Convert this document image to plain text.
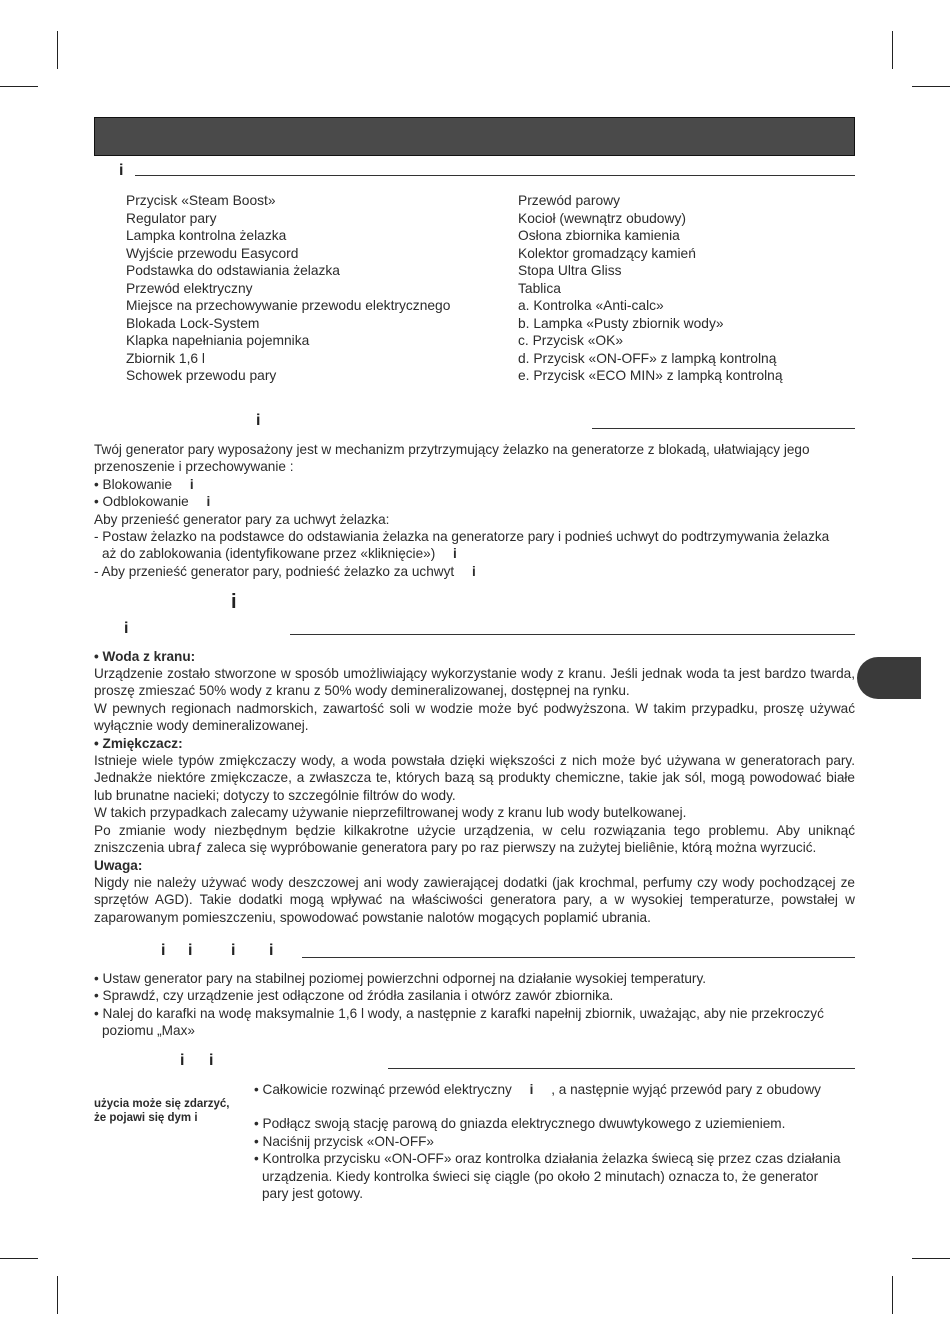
i
Przycisk «Steam Boost»
Regulator pary
Lampka kontrolna żelazka
Wyjście przewodu Easycord
Podstawka do odstawiania żelazka
Przewód elektryczny
Miejsce na przechowywanie przewodu elektrycznego
Blokada Lock-System
Klapka napełniania pojemnika
Zbiornik 1,6 l
Schowek przewodu pary
Przewód parowy
Kocioł (wewnątrz obudowy)
Osłona zbiornika kamienia
Kolektor gromadzący kamień
Stopa Ultra Gliss
Tablica
a. Kontrolka «Anti-calc»
b. Lampka «Pusty zbiornik wody»
c. Przycisk «OK»
d. Przycisk «ON-OFF» z lampką kontrolną
e. Przycisk «ECO MIN» z lampką kontrolną
i

Twój generator pary wyposażony jest w mechanizm przytrzymujący żelazko na generatorze z blokadą, ułatwiający jego przenoszenie i przechowywanie :

• Blokowanie i
• Odblokowanie i
Aby przenieść generator pary za uchwyt żelazka:
- Postaw żelazko na podstawce do odstawiania żelazka na generatorze pary i podnieś uchwyt do podtrzymywania żelazka
aż do zablokowania (identyfikowane przez «kliknięcie») i
- Aby przenieść generator pary, podnieść żelazko za uchwyt i
i
i
• Woda z kranu:

Urządzenie zostało stworzone w sposób umożliwiający wykorzystanie wody z kranu. Jeśli jednak woda ta jest bardzo twarda, proszę zmieszać 50% wody z kranu z 50% wody demineralizowanej, dostępnej na rynku.

W pewnych regionach nadmorskich, zawartość soli w wodzie może być podwyższona. W takim przypadku, proszę używać wyłącznie wody demineralizowanej.

• Zmiękczacz:

Istnieje wiele typów zmiękczaczy wody, a woda powstała dzięki większości z nich może być używana w generatorach pary. Jednakże niektóre zmiękczacze, a zwłaszcza te, których bazą są produkty chemiczne, takie jak sól, mogą powodować białe lub brunatne nacieki; dotyczy to szczególnie filtrów do wody.

W takich przypadkach zalecamy używanie nieprzefiltrowanej wody z kranu lub wody butelkowanej.

Po zmianie wody niezbędnym będzie kilkakrotne użycie urządzenia, w celu rozwiązania tego problemu. Aby uniknąć zniszczenia ubraƒ zaleca się wypróbowanie generatora pary po raz pierwszy na zużytej bieliênie, którą można wyrzucić.

Uwaga:

Nigdy nie należy używać wody deszczowej ani wody zawierającej dodatki (jak krochmal, perfumy czy wody pochodzącej ze sprzętów AGD). Takie dodatki mogą wpływać na właściwości generatora pary, a w wysokiej temperaturze, powstałej w zaparowanym pomieszczeniu, spowodować powstanie nalotów mogących poplamić ubrania.

i i i i
• Ustaw generator pary na stabilnej poziomej powierzchni odpornej na działanie wysokiej temperatury.
• Sprawdź, czy urządzenie jest odłączone od źródła zasilania i otwórz zawór zbiornika.
• Nalej do karafki na wodę maksymalnie 1,6 l wody, a następnie z karafki napełnij zbiornik, uważając, aby nie przekroczyć
poziomu „Max»
i i
użycia może się zdarzyć,
że pojawi się dym i
• Całkowicie rozwinąć przewód elektryczny i , a następnie wyjąć przewód pary z obudowy
• Podłącz swoją stację parową do gniazda elektrycznego dwuwtykowego z uziemieniem.
• Naciśnij przycisk «ON-OFF»
• Kontrolka przycisku «ON-OFF» oraz kontrolka działania żelazka świecą się przez czas działania
urządzenia. Kiedy kontrolka świeci się ciągle (po około 2 minutach) oznacza to, że generator
pary jest gotowy.
